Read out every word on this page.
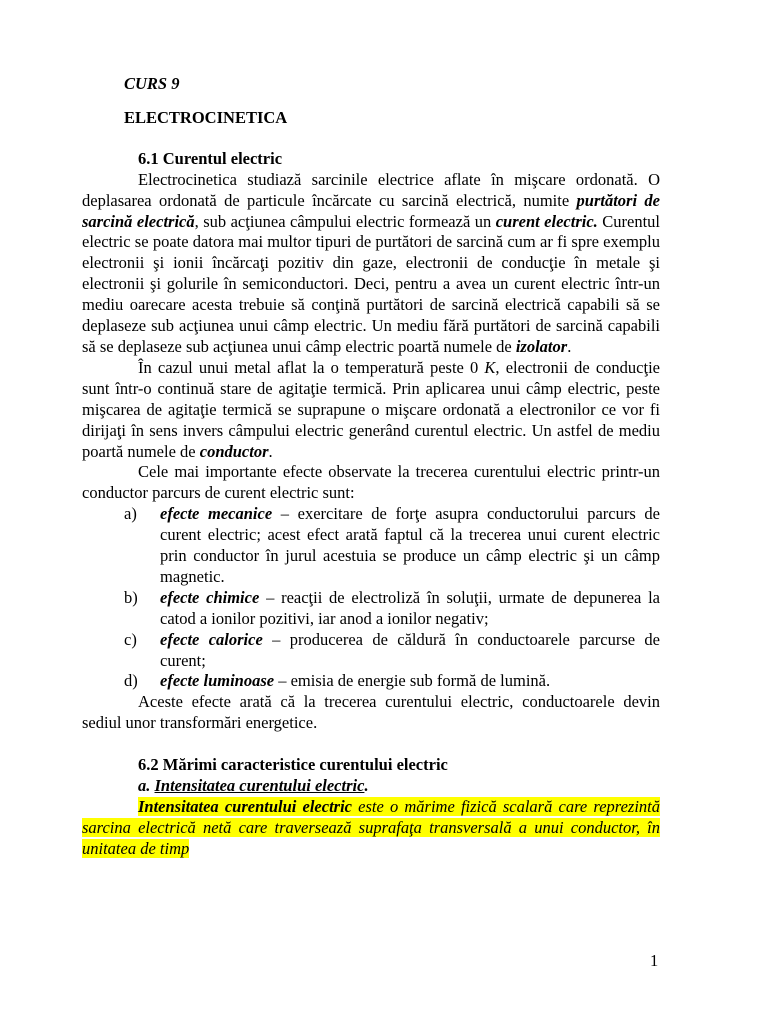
CURS 9

ELECTROCINETICA

6.1 Curentul electric

Electrocinetica studiază sarcinile electrice aflate în mişcare ordonată. O deplasarea ordonată de particule încărcate cu sarcină electrică, numite purtători de sarcină electrică, sub acţiunea câmpului electric formează un curent electric. Curentul electric se poate datora mai multor tipuri de purtători de sarcină cum ar fi spre exemplu electronii şi ionii încărcaţi pozitiv din gaze, electronii de conducţie în metale şi electronii şi golurile în semiconductori. Deci, pentru a avea un curent electric într-un mediu oarecare acesta trebuie să conţină purtători de sarcină electrică capabili să se deplaseze sub acţiunea unui câmp electric. Un mediu fără purtători de sarcină capabili să se deplaseze sub acţiunea unui câmp electric poartă numele de izolator.

În cazul unui metal aflat la o temperatură peste 0 K, electronii de conducţie sunt într-o continuă stare de agitaţie termică. Prin aplicarea unui câmp electric, peste mişcarea de agitaţie termică se suprapune o mişcare ordonată a electronilor ce vor fi dirijaţi în sens invers câmpului electric generând curentul electric. Un astfel de mediu poartă numele de conductor.

Cele mai importante efecte observate la trecerea curentului electric printr-un conductor parcurs de curent electric sunt:

a) efecte mecanice – exercitare de forţe asupra conductorului parcurs de curent electric; acest efect arată faptul că la trecerea unui curent electric prin conductor în jurul acestuia se produce un câmp electric şi un câmp magnetic.
b) efecte chimice – reacţii de electroliză în soluţii, urmate de depunerea la catod a ionilor pozitivi, iar anod a ionilor negativ;
c) efecte calorice – producerea de căldură în conductoarele parcurse de curent;
d) efecte luminoase – emisia de energie sub formă de lumină.

Aceste efecte arată că la trecerea curentului electric, conductoarele devin sediul unor transformări energetice.

6.2 Mărimi caracteristice curentului electric

a. Intensitatea curentului electric.

Intensitatea curentului electric este o mărime fizică scalară care reprezintă sarcina electrică netă care traversează suprafaţa transversală a unui conductor, în unitatea de timp

1
